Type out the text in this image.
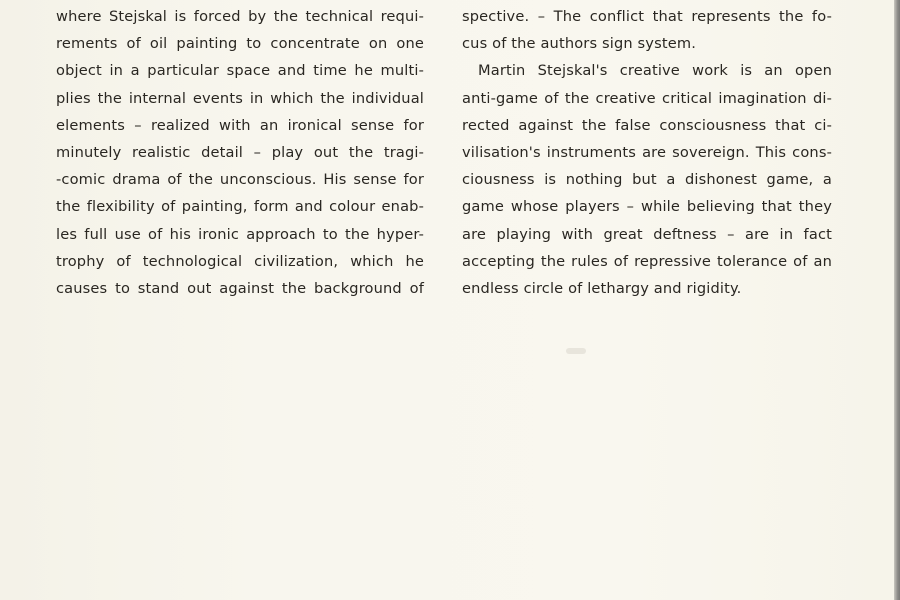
where Stejskal is forced by the technical requi-
rements of oil painting to concentrate on one
object in a particular space and time he multi-
plies the internal events in which the individual
elements – realized with an ironical sense for
minutely realistic detail – play out the tragi-
-comic drama of the unconscious. His sense for
the flexibility of painting, form and colour enab-
les full use of his ironic approach to the hyper-
trophy of technological civilization, which he
causes to stand out against the background of
spective. – The conflict that represents the fo-
cus of the authors sign system.
Martin Stejskal's creative work is an open
anti-game of the creative critical imagination di-
rected against the false consciousness that ci-
vilisation's instruments are sovereign. This cons-
ciousness is nothing but a dishonest game, a
game whose players – while believing that they
are playing with great deftness – are in fact
accepting the rules of repressive tolerance of an
endless circle of lethargy and rigidity.
